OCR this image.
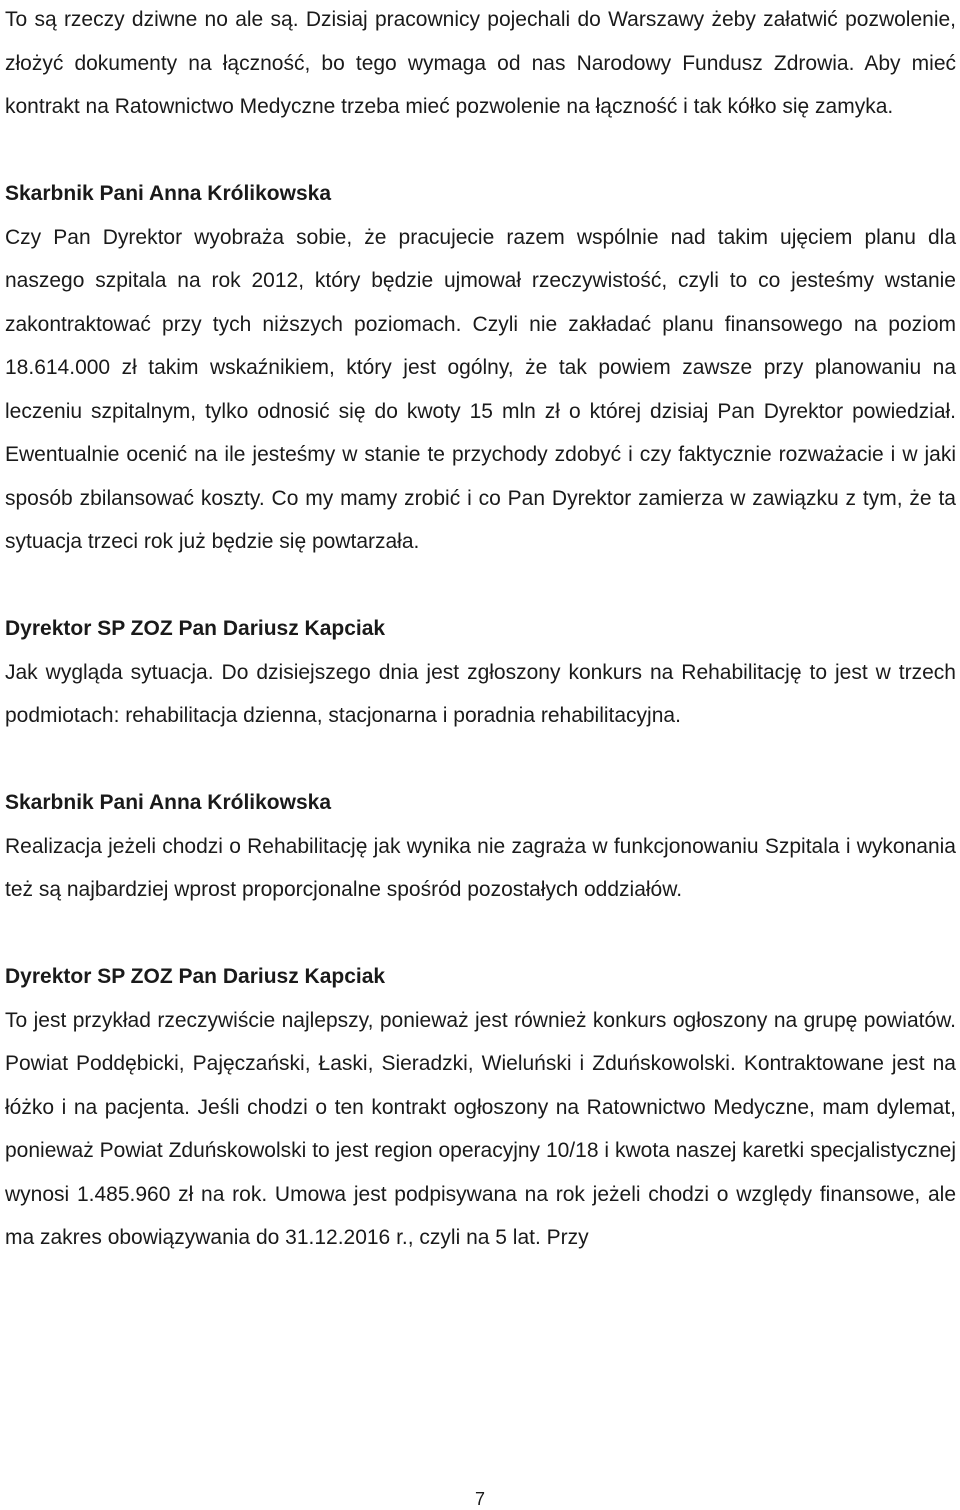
To są rzeczy dziwne no ale są. Dzisiaj pracownicy pojechali do Warszawy żeby załatwić pozwolenie, złożyć dokumenty na łączność, bo tego wymaga od nas Narodowy Fundusz Zdrowia. Aby mieć kontrakt na Ratownictwo Medyczne trzeba mieć pozwolenie na łączność i tak kółko się zamyka.

Skarbnik Pani Anna Królikowska

Czy Pan Dyrektor wyobraża sobie, że pracujecie razem wspólnie nad takim ujęciem planu dla naszego szpitala na rok 2012, który będzie ujmował rzeczywistość, czyli to co jesteśmy wstanie zakontraktować przy tych niższych poziomach. Czyli nie zakładać planu finansowego na poziom 18.614.000 zł takim wskaźnikiem, który jest ogólny, że tak powiem zawsze przy planowaniu na leczeniu szpitalnym, tylko odnosić się do kwoty 15 mln zł o której dzisiaj Pan Dyrektor powiedział. Ewentualnie ocenić na ile jesteśmy w stanie te przychody zdobyć i czy faktycznie rozważacie i w jaki sposób zbilansować koszty. Co my mamy zrobić i co Pan Dyrektor zamierza w zawiązku z tym, że ta sytuacja trzeci rok już będzie się powtarzała.

Dyrektor SP ZOZ Pan Dariusz Kapciak

Jak wygląda sytuacja. Do dzisiejszego dnia jest zgłoszony konkurs na Rehabilitację to jest w trzech podmiotach: rehabilitacja dzienna, stacjonarna i poradnia rehabilitacyjna.

Skarbnik Pani Anna Królikowska

Realizacja jeżeli chodzi o Rehabilitację jak wynika nie zagraża w funkcjonowaniu Szpitala i wykonania też są najbardziej wprost proporcjonalne spośród pozostałych oddziałów.

Dyrektor SP ZOZ Pan Dariusz Kapciak

To jest przykład rzeczywiście najlepszy, ponieważ jest również konkurs ogłoszony na grupę powiatów. Powiat Poddębicki, Pajęczański, Łaski, Sieradzki, Wieluński i Zduńskowolski. Kontraktowane jest na łóżko i na pacjenta. Jeśli chodzi o ten kontrakt ogłoszony na Ratownictwo Medyczne, mam dylemat, ponieważ Powiat Zduńskowolski to jest region operacyjny 10/18 i kwota naszej karetki specjalistycznej wynosi 1.485.960 zł na rok. Umowa jest podpisywana na rok jeżeli chodzi o względy finansowe, ale ma zakres obowiązywania do 31.12.2016 r., czyli na 5 lat. Przy

7
